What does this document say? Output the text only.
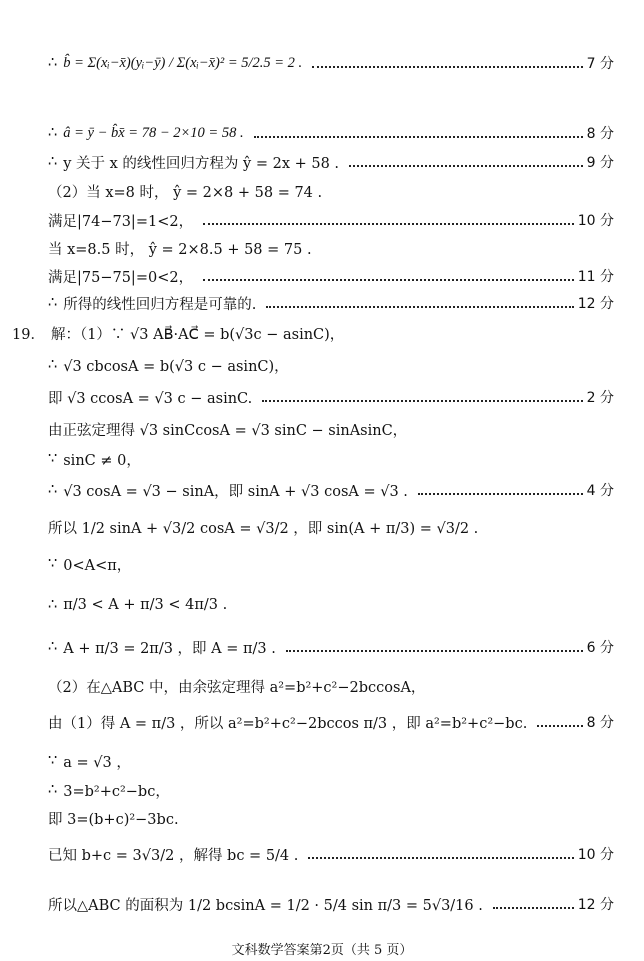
∴ b̂ = Σ(xᵢ−x̄)(yᵢ−ȳ) / Σ(xᵢ−x̄)² = 5/2.5 = 2 .	7 分
∴ â = ȳ − b̂x̄ = 78 − 2×10 = 58 .	8 分
∴ y 关于 x 的线性回归方程为 ŷ = 2x + 58 .	9 分
（2）当 x=8 时， ŷ = 2×8 + 58 = 74 .
满足|74−73|=1<2，	10 分
当 x=8.5 时， ŷ = 2×8.5 + 58 = 75 .
满足|75−75|=0<2，	11 分
∴ 所得的线性回归方程是可靠的.	12 分
19． 解：（1）∵ √3 AB⃗·AC⃗ = b(√3c − asinC)，
∴ √3 cbcosA = b(√3 c − asinC)，
即 √3 ccosA = √3 c − asinC.	2 分
由正弦定理得 √3 sinCcosA = √3 sinC − sinAsinC，
∵ sinC ≠ 0，
∴ √3 cosA = √3 − sinA，即 sinA + √3 cosA = √3 .	4 分
所以 1/2 sinA + √3/2 cosA = √3/2 ，即 sin(A + π/3) = √3/2 .
∵ 0<A<π，
∴ π/3 < A + π/3 < 4π/3 .
∴ A + π/3 = 2π/3 ，即 A = π/3 .	6 分
（2）在△ABC 中，由余弦定理得 a²=b²+c²−2bccosA，
由（1）得 A = π/3 ，所以 a²=b²+c²−2bccos π/3 ，即 a²=b²+c²−bc.	8 分
∵ a = √3 ，
∴ 3=b²+c²−bc，
即 3=(b+c)²−3bc.
已知 b+c = 3√3/2 ，解得 bc = 5/4 .	10 分
所以△ABC 的面积为 1/2 bcsinA = 1/2 · 5/4 sin π/3 = 5√3/16 .	12 分
文科数学答案第2页（共 5 页）
